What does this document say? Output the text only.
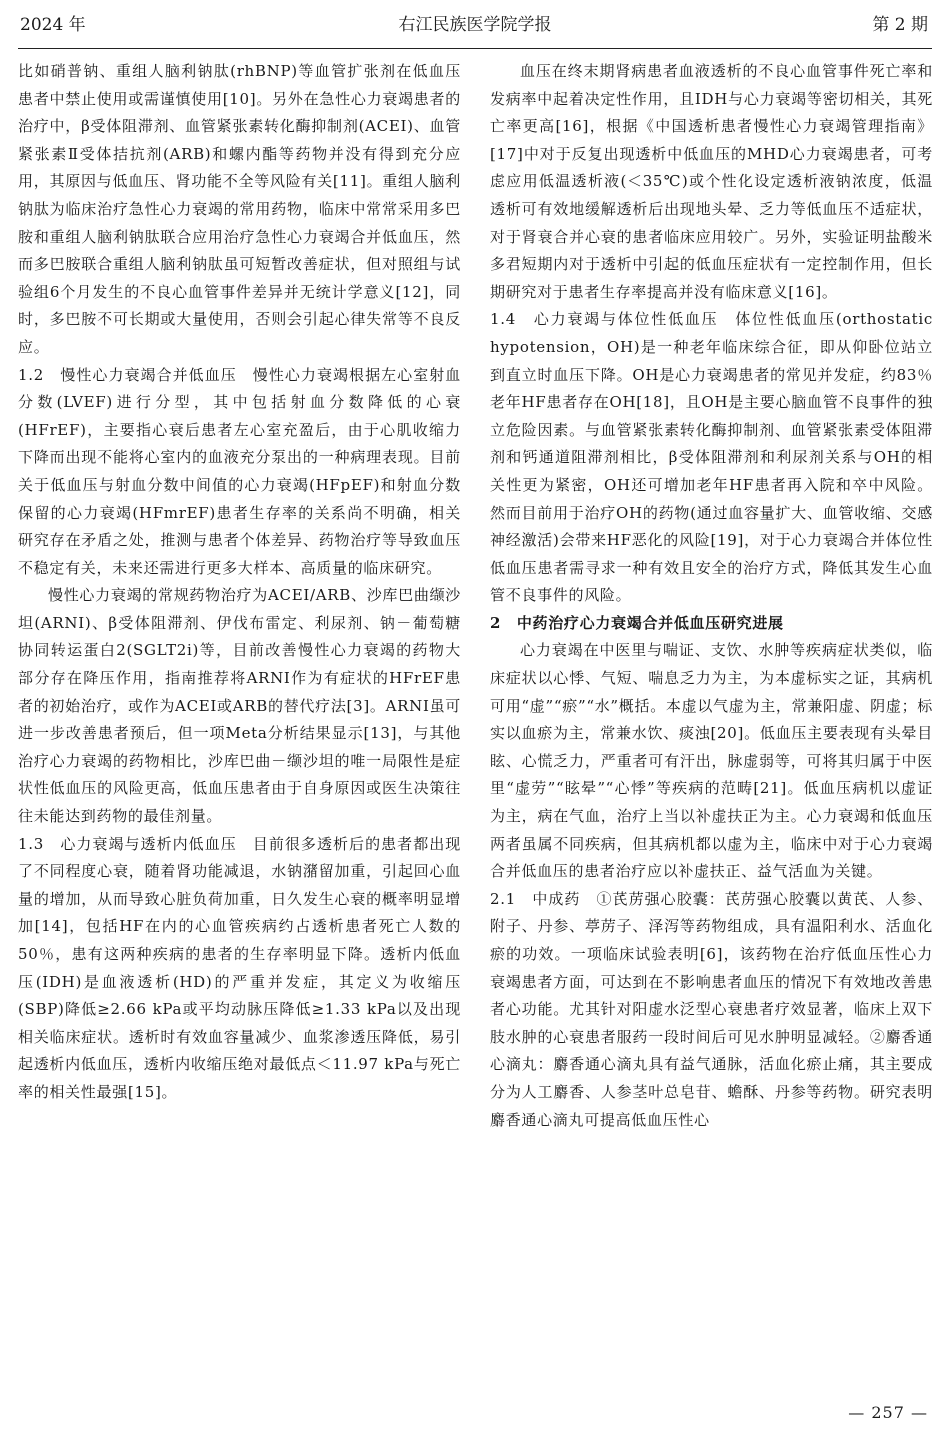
2024 年	右江民族医学院学报	第 2 期

比如硝普钠、重组人脑利钠肽(rhBNP)等血管扩张剂在低血压患者中禁止使用或需谨慎使用[10]。另外在急性心力衰竭患者的治疗中，β受体阻滞剂、血管紧张素转化酶抑制剂(ACEI)、血管紧张素Ⅱ受体拮抗剂(ARB)和螺内酯等药物并没有得到充分应用，其原因与低血压、肾功能不全等风险有关[11]。重组人脑利钠肽为临床治疗急性心力衰竭的常用药物，临床中常常采用多巴胺和重组人脑利钠肽联合应用治疗急性心力衰竭合并低血压，然而多巴胺联合重组人脑利钠肽虽可短暂改善症状，但对照组与试验组6个月发生的不良心血管事件差异并无统计学意义[12]，同时，多巴胺不可长期或大量使用，否则会引起心律失常等不良反应。

1.2　慢性心力衰竭合并低血压　慢性心力衰竭根据左心室射血分数(LVEF)进行分型，其中包括射血分数降低的心衰(HFrEF)，主要指心衰后患者左心室充盈后，由于心肌收缩力下降而出现不能将心室内的血液充分泵出的一种病理表现。目前关于低血压与射血分数中间值的心力衰竭(HFpEF)和射血分数保留的心力衰竭(HFmrEF)患者生存率的关系尚不明确，相关研究存在矛盾之处，推测与患者个体差异、药物治疗等导致血压不稳定有关，未来还需进行更多大样本、高质量的临床研究。

慢性心力衰竭的常规药物治疗为ACEI/ARB、沙库巴曲缬沙坦(ARNI)、β受体阻滞剂、伊伐布雷定、利尿剂、钠－葡萄糖协同转运蛋白2(SGLT2i)等，目前改善慢性心力衰竭的药物大部分存在降压作用，指南推荐将ARNI作为有症状的HFrEF患者的初始治疗，或作为ACEI或ARB的替代疗法[3]。ARNI虽可进一步改善患者预后，但一项Meta分析结果显示[13]，与其他治疗心力衰竭的药物相比，沙库巴曲－缬沙坦的唯一局限性是症状性低血压的风险更高，低血压患者由于自身原因或医生决策往往未能达到药物的最佳剂量。

1.3　心力衰竭与透析内低血压　目前很多透析后的患者都出现了不同程度心衰，随着肾功能减退，水钠潴留加重，引起回心血量的增加，从而导致心脏负荷加重，日久发生心衰的概率明显增加[14]，包括HF在内的心血管疾病约占透析患者死亡人数的50％，患有这两种疾病的患者的生存率明显下降。透析内低血压(IDH)是血液透析(HD)的严重并发症，其定义为收缩压(SBP)降低≥2.66 kPa或平均动脉压降低≥1.33 kPa以及出现相关临床症状。透析时有效血容量减少、血浆渗透压降低，易引起透析内低血压，透析内收缩压绝对最低点＜11.97 kPa与死亡率的相关性最强[15]。

血压在终末期肾病患者血液透析的不良心血管事件死亡率和发病率中起着决定性作用，且IDH与心力衰竭等密切相关，其死亡率更高[16]，根据《中国透析患者慢性心力衰竭管理指南》[17]中对于反复出现透析中低血压的MHD心力衰竭患者，可考虑应用低温透析液(＜35℃)或个性化设定透析液钠浓度，低温透析可有效地缓解透析后出现地头晕、乏力等低血压不适症状，对于肾衰合并心衰的患者临床应用较广。另外，实验证明盐酸米多君短期内对于透析中引起的低血压症状有一定控制作用，但长期研究对于患者生存率提高并没有临床意义[16]。

1.4　心力衰竭与体位性低血压　体位性低血压(orthostatic hypotension，OH)是一种老年临床综合征，即从仰卧位站立到直立时血压下降。OH是心力衰竭患者的常见并发症，约83％老年HF患者存在OH[18]，且OH是主要心脑血管不良事件的独立危险因素。与血管紧张素转化酶抑制剂、血管紧张素受体阻滞剂和钙通道阻滞剂相比，β受体阻滞剂和利尿剂关系与OH的相关性更为紧密，OH还可增加老年HF患者再入院和卒中风险。然而目前用于治疗OH的药物(通过血容量扩大、血管收缩、交感神经激活)会带来HF恶化的风险[19]，对于心力衰竭合并体位性低血压患者需寻求一种有效且安全的治疗方式，降低其发生心血管不良事件的风险。

2　中药治疗心力衰竭合并低血压研究进展

心力衰竭在中医里与喘证、支饮、水肿等疾病症状类似，临床症状以心悸、气短、喘息乏力为主，为本虚标实之证，其病机可用“虚”“瘀”“水”概括。本虚以气虚为主，常兼阳虚、阴虚；标实以血瘀为主，常兼水饮、痰浊[20]。低血压主要表现有头晕目眩、心慌乏力，严重者可有汗出，脉虚弱等，可将其归属于中医里“虚劳”“眩晕”“心悸”等疾病的范畴[21]。低血压病机以虚证为主，病在气血，治疗上当以补虚扶正为主。心力衰竭和低血压两者虽属不同疾病，但其病机都以虚为主，临床中对于心力衰竭合并低血压的患者治疗应以补虚扶正、益气活血为关键。

2.1　中成药　①芪苈强心胶囊：芪苈强心胶囊以黄芪、人参、附子、丹参、葶苈子、泽泻等药物组成，具有温阳利水、活血化瘀的功效。一项临床试验表明[6]，该药物在治疗低血压性心力衰竭患者方面，可达到在不影响患者血压的情况下有效地改善患者心功能。尤其针对阳虚水泛型心衰患者疗效显著，临床上双下肢水肿的心衰患者服药一段时间后可见水肿明显减轻。②麝香通心滴丸：麝香通心滴丸具有益气通脉，活血化瘀止痛，其主要成分为人工麝香、人参茎叶总皂苷、蟾酥、丹参等药物。研究表明麝香通心滴丸可提高低血压性心

— 257 —
